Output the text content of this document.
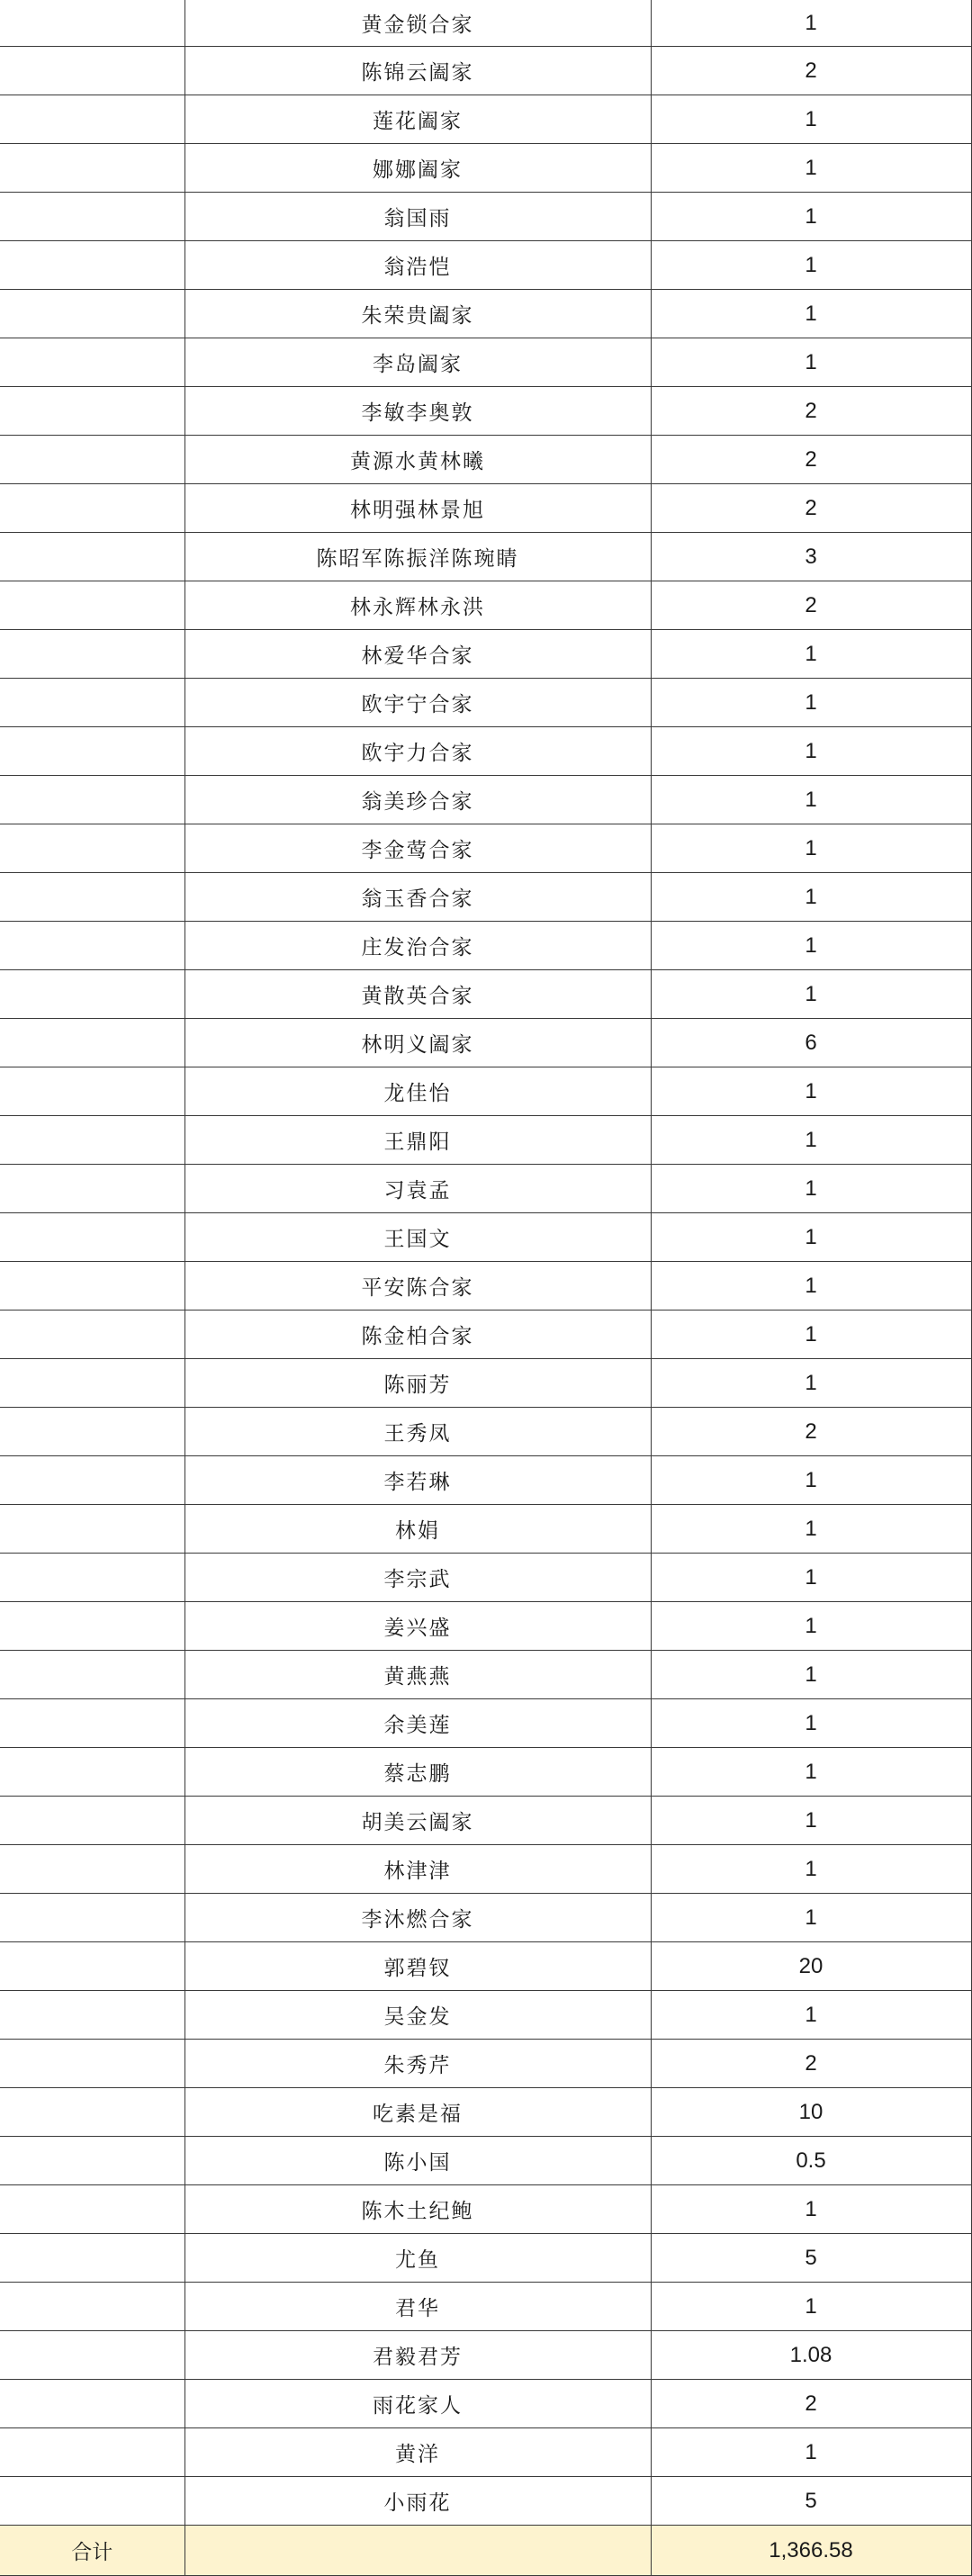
	黄金锁合家	1
	陈锦云阖家	2
	莲花阖家	1
	娜娜阖家	1
	翁国雨	1
	翁浩恺	1
	朱荣贵阖家	1
	李岛阖家	1
	李敏李奥敦	2
	黄源水黄林曦	2
	林明强林景旭	2
	陈昭军陈振洋陈琬睛	3
	林永辉林永洪	2
	林爱华合家	1
	欧宇宁合家	1
	欧宇力合家	1
	翁美珍合家	1
	李金莺合家	1
	翁玉香合家	1
	庄发治合家	1
	黄散英合家	1
	林明义阖家	6
	龙佳怡	1
	王鼎阳	1
	习袁孟	1
	王国文	1
	平安陈合家	1
	陈金柏合家	1
	陈丽芳	1
	王秀凤	2
	李若琳	1
	林娟	1
	李宗武	1
	姜兴盛	1
	黄燕燕	1
	余美莲	1
	蔡志鹏	1
	胡美云阖家	1
	林津津	1
	李沐燃合家	1
	郭碧钗	20
	吴金发	1
	朱秀芹	2
	吃素是福	10
	陈小国	0.5
	陈木土纪鲍	1
	尤鱼	5
	君华	1
	君毅君芳	1.08
	雨花家人	2
	黄洋	1
	小雨花	5
合计		1,366.58
